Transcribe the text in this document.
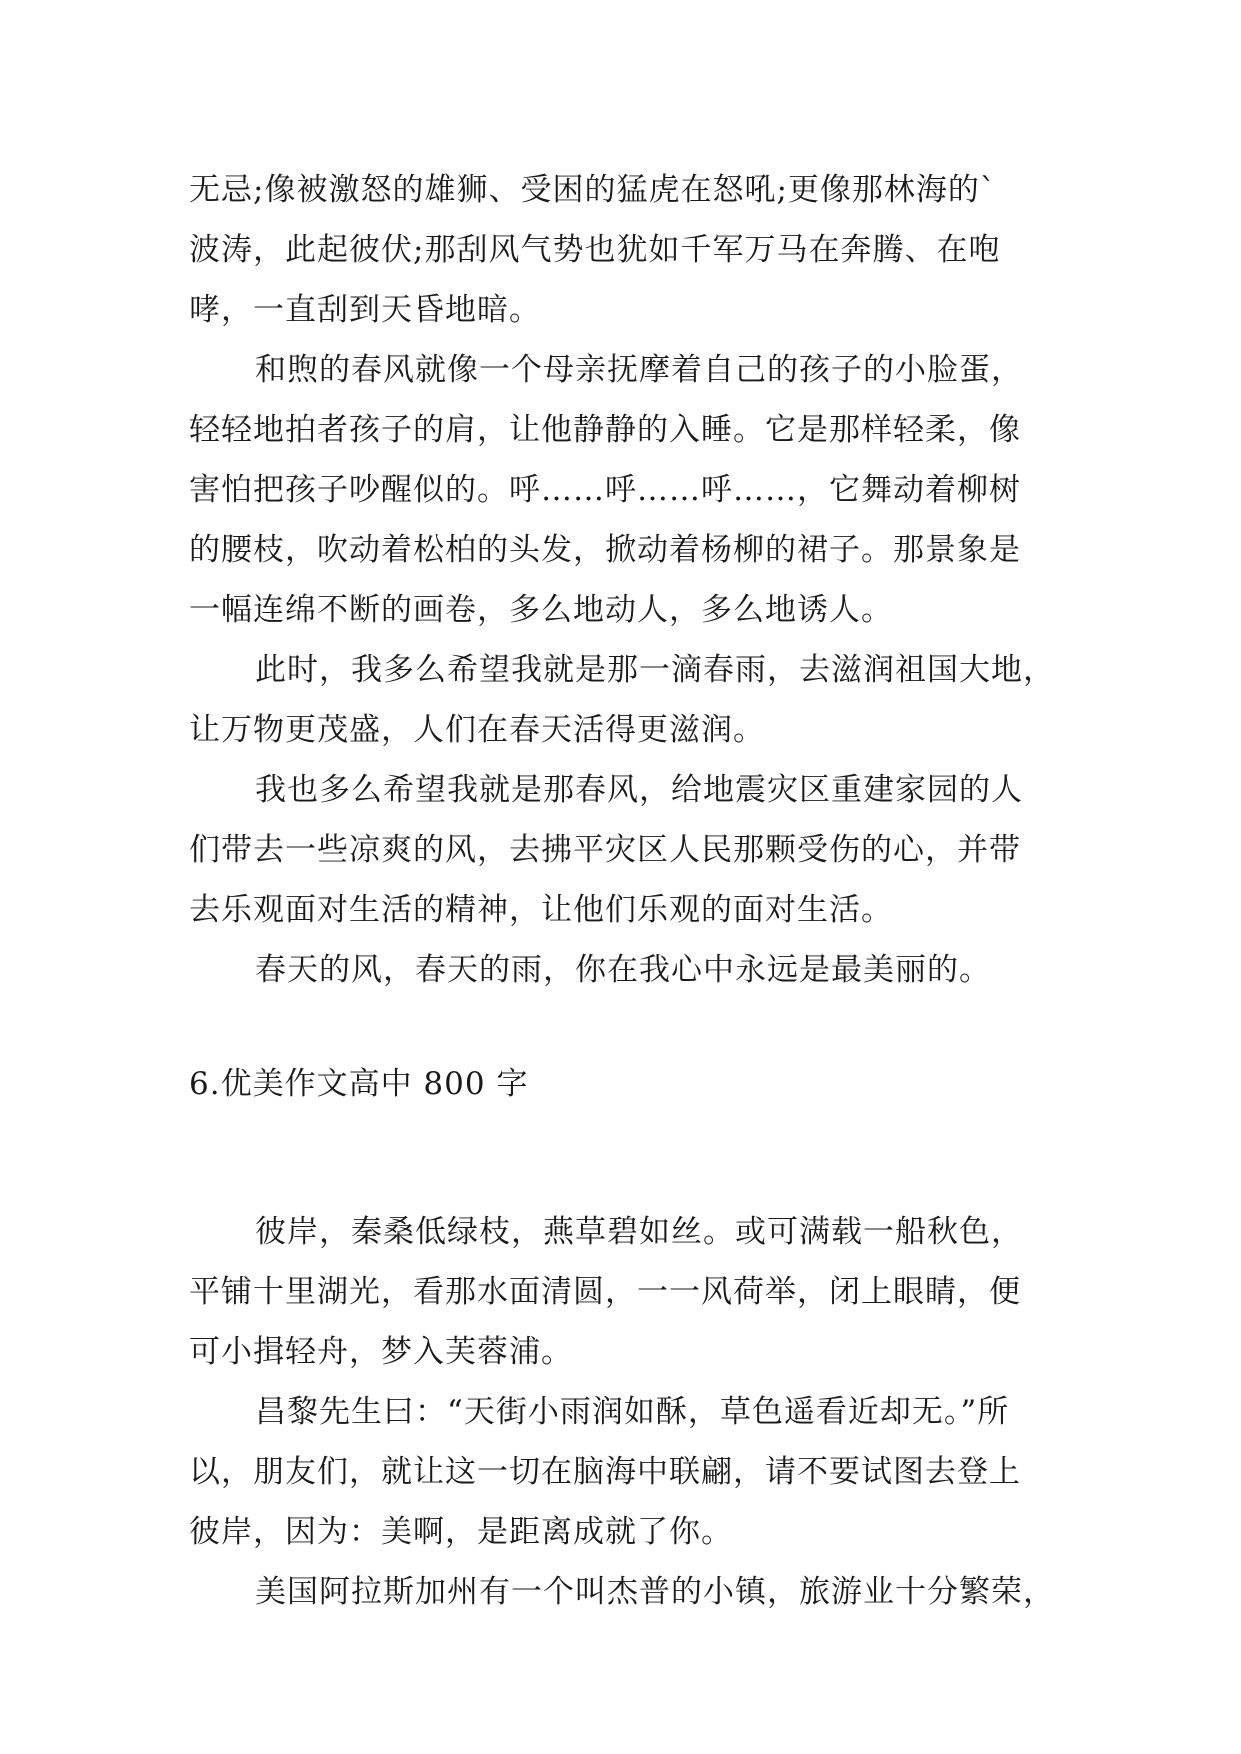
无忌;像被激怒的雄狮、受困的猛虎在怒吼;更像那林海的`
波涛，此起彼伏;那刮风气势也犹如千军万马在奔腾、在咆
哮，一直刮到天昏地暗。
和煦的春风就像一个母亲抚摩着自己的孩子的小脸蛋，
轻轻地拍者孩子的肩，让他静静的入睡。它是那样轻柔，像
害怕把孩子吵醒似的。呼……呼……呼……，它舞动着柳树
的腰枝，吹动着松柏的头发，掀动着杨柳的裙子。那景象是
一幅连绵不断的画卷，多么地动人，多么地诱人。
此时，我多么希望我就是那一滴春雨，去滋润祖国大地，
让万物更茂盛，人们在春天活得更滋润。
我也多么希望我就是那春风，给地震灾区重建家园的人
们带去一些凉爽的风，去拂平灾区人民那颗受伤的心，并带
去乐观面对生活的精神，让他们乐观的面对生活。
春天的风，春天的雨，你在我心中永远是最美丽的。
6.优美作文高中 800 字
彼岸，秦桑低绿枝，燕草碧如丝。或可满载一船秋色，
平铺十里湖光，看那水面清圆，一一风荷举，闭上眼睛，便
可小揖轻舟，梦入芙蓉浦。
昌黎先生曰：“天街小雨润如酥，草色遥看近却无。”所
以，朋友们，就让这一切在脑海中联翩，请不要试图去登上
彼岸，因为：美啊，是距离成就了你。
美国阿拉斯加州有一个叫杰普的小镇，旅游业十分繁荣，
